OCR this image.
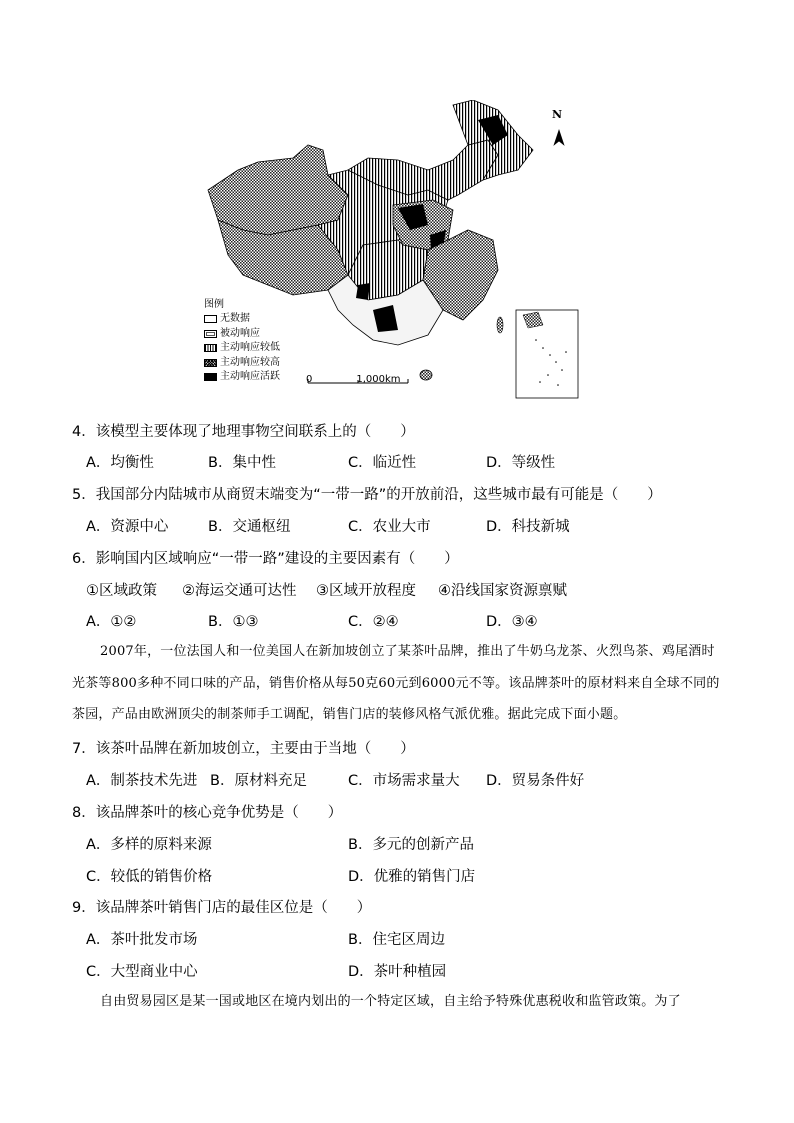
N
图例
无数据
被动响应
主动响应较低
主动响应较高
主动响应活跃	0	1,000km
4．该模型主要体现了地理事物空间联系上的（　　）
A．均衡性	B．集中性	C．临近性	D．等级性
5．我国部分内陆城市从商贸末端变为“一带一路”的开放前沿，这些城市最有可能是（　　）
A．资源中心	B．交通枢纽	C．农业大市	D．科技新城
6．影响国内区域响应“一带一路”建设的主要因素有（　　）
①区域政策 ②海运交通可达性 ③区域开放程度 ④沿线国家资源禀赋
A．①②	B．①③	C．②④	D．③④
2007年，一位法国人和一位美国人在新加坡创立了某茶叶品牌，推出了牛奶乌龙茶、火烈鸟茶、鸡尾酒时光茶等800多种不同口味的产品，销售价格从每50克60元到6000元不等。该品牌茶叶的原材料来自全球不同的茶园，产品由欧洲顶尖的制茶师手工调配，销售门店的装修风格气派优雅。据此完成下面小题。
7．该茶叶品牌在新加坡创立，主要由于当地（　　）
A．制茶技术先进 B．原材料充足	C．市场需求量大 D．贸易条件好
8．该品牌茶叶的核心竞争优势是（　　）
A．多样的原料来源	B．多元的创新产品
C．较低的销售价格	D．优雅的销售门店
9．该品牌茶叶销售门店的最佳区位是（　　）
A．茶叶批发市场	B．住宅区周边
C．大型商业中心	D．茶叶种植园
自由贸易园区是某一国或地区在境内划出的一个特定区域，自主给予特殊优惠税收和监管政策。为了
